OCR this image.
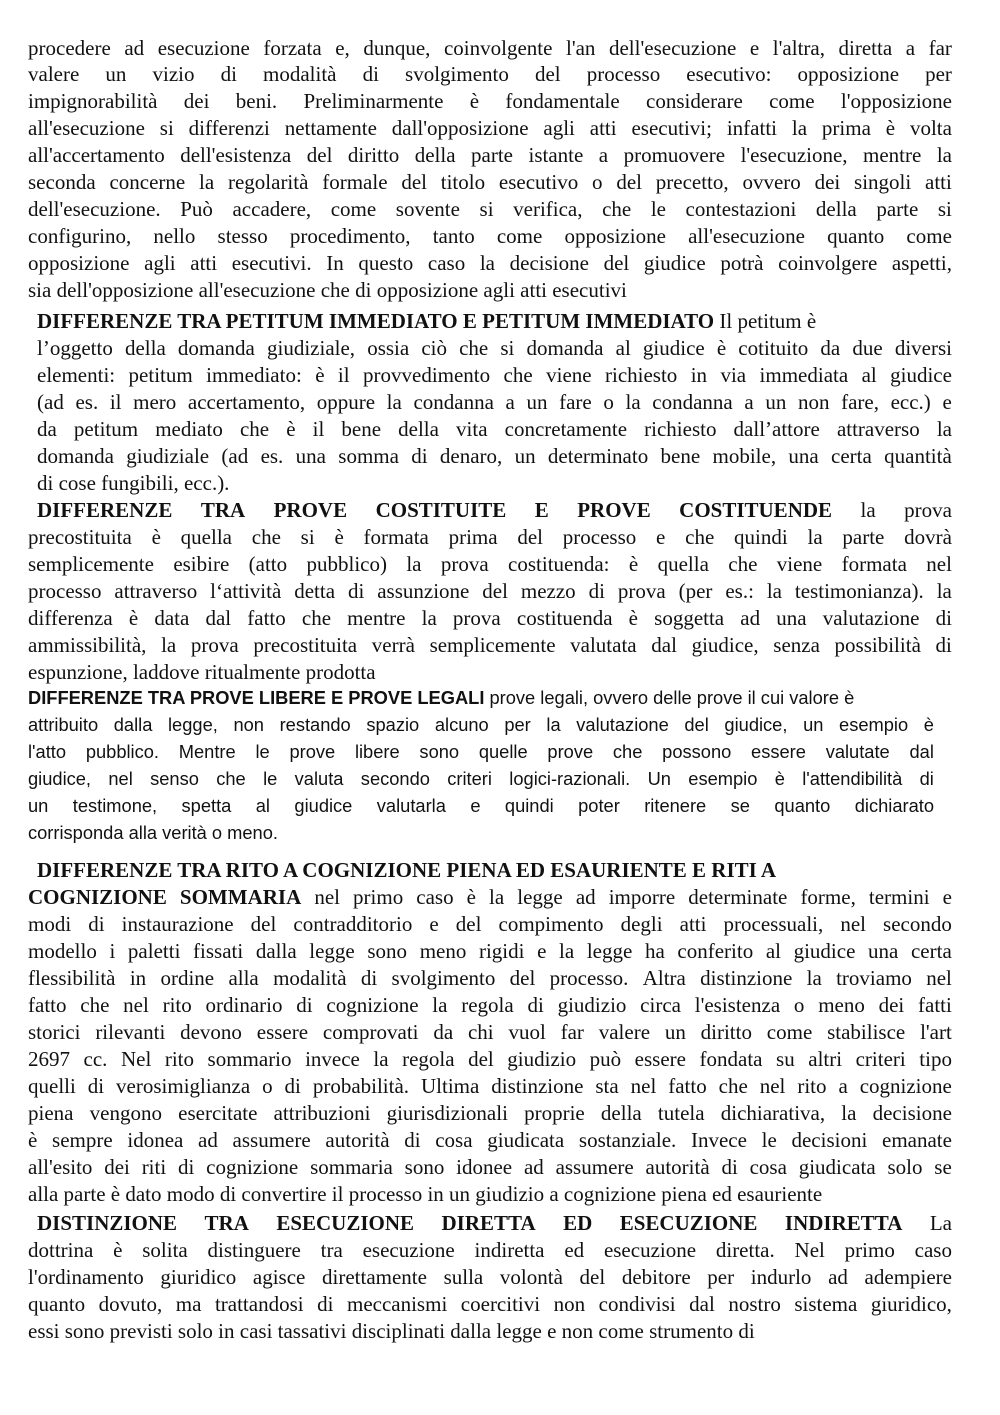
procedere ad esecuzione forzata e, dunque, coinvolgente l'an dell'esecuzione e l'altra, diretta a far
valere un vizio di modalità di svolgimento del processo esecutivo: opposizione per
impignorabilità dei beni. Preliminarmente è fondamentale considerare come l'opposizione
all'esecuzione si differenzi nettamente dall'opposizione agli atti esecutivi; infatti la prima è volta
all'accertamento dell'esistenza del diritto della parte istante a promuovere l'esecuzione, mentre la
seconda concerne la regolarità formale del titolo esecutivo o del precetto, ovvero dei singoli atti
dell'esecuzione. Può accadere, come sovente si verifica, che le contestazioni della parte si
configurino, nello stesso procedimento, tanto come opposizione all'esecuzione quanto come
opposizione agli atti esecutivi. In questo caso la decisione del giudice potrà coinvolgere aspetti,
sia dell'opposizione all'esecuzione che di opposizione agli atti esecutivi
DIFFERENZE TRA PETITUM IMMEDIATO E PETITUM IMMEDIATO Il petitum è
l’oggetto della domanda giudiziale, ossia ciò che si domanda al giudice è cotituito da due diversi
elementi: petitum immediato: è il provvedimento che viene richiesto in via immediata al giudice
(ad es. il mero accertamento, oppure la condanna a un fare o la condanna a un non fare, ecc.) e
da petitum mediato che è il bene della vita concretamente richiesto dall’attore attraverso la
domanda giudiziale (ad es. una somma di denaro, un determinato bene mobile, una certa quantità
di cose fungibili, ecc.).
DIFFERENZE TRA PROVE COSTITUITE E PROVE COSTITUENDE la prova
precostituita è quella che si è formata prima del processo e che quindi la parte dovrà
semplicemente esibire (atto pubblico) la prova costituenda: è quella che viene formata nel
processo attraverso l‘attività detta di assunzione del mezzo di prova (per es.: la testimonianza). la
differenza è data dal fatto che mentre la prova costituenda è soggetta ad una valutazione di
ammissibilità, la prova precostituita verrà semplicemente valutata dal giudice, senza possibilità di
espunzione, laddove ritualmente prodotta
DIFFERENZE TRA PROVE LIBERE E PROVE LEGALI prove legali, ovvero delle prove il cui valore è
attribuito dalla legge, non restando spazio alcuno per la valutazione del giudice, un esempio è
l'atto pubblico. Mentre le prove libere sono quelle prove che possono essere valutate dal
giudice, nel senso che le valuta secondo criteri logici-razionali. Un esempio è l'attendibilità di
un testimone, spetta al giudice valutarla e quindi poter ritenere se quanto dichiarato
corrisponda alla verità o meno.
DIFFERENZE TRA RITO A COGNIZIONE PIENA ED ESAURIENTE E RITI A
COGNIZIONE SOMMARIA nel primo caso è la legge ad imporre determinate forme, termini e
modi di instaurazione del contradditorio e del compimento degli atti processuali, nel secondo
modello i paletti fissati dalla legge sono meno rigidi e la legge ha conferito al giudice una certa
flessibilità in ordine alla modalità di svolgimento del processo. Altra distinzione la troviamo nel
fatto che nel rito ordinario di cognizione la regola di giudizio circa l'esistenza o meno dei fatti
storici rilevanti devono essere comprovati da chi vuol far valere un diritto come stabilisce l'art
2697 cc. Nel rito sommario invece la regola del giudizio può essere fondata su altri criteri tipo
quelli di verosimiglianza o di probabilità. Ultima distinzione sta nel fatto che nel rito a cognizione
piena vengono esercitate attribuzioni giurisdizionali proprie della tutela dichiarativa, la decisione
è sempre idonea ad assumere autorità di cosa giudicata sostanziale. Invece le decisioni emanate
all'esito dei riti di cognizione sommaria sono idonee ad assumere autorità di cosa giudicata solo se
alla parte è dato modo di convertire il processo in un giudizio a cognizione piena ed esauriente
DISTINZIONE TRA ESECUZIONE DIRETTA ED ESECUZIONE INDIRETTA La
dottrina è solita distinguere tra esecuzione indiretta ed esecuzione diretta. Nel primo caso
l'ordinamento giuridico agisce direttamente sulla volontà del debitore per indurlo ad adempiere
quanto dovuto, ma trattandosi di meccanismi coercitivi non condivisi dal nostro sistema giuridico,
essi sono previsti solo in casi tassativi disciplinati dalla legge e non come strumento di
